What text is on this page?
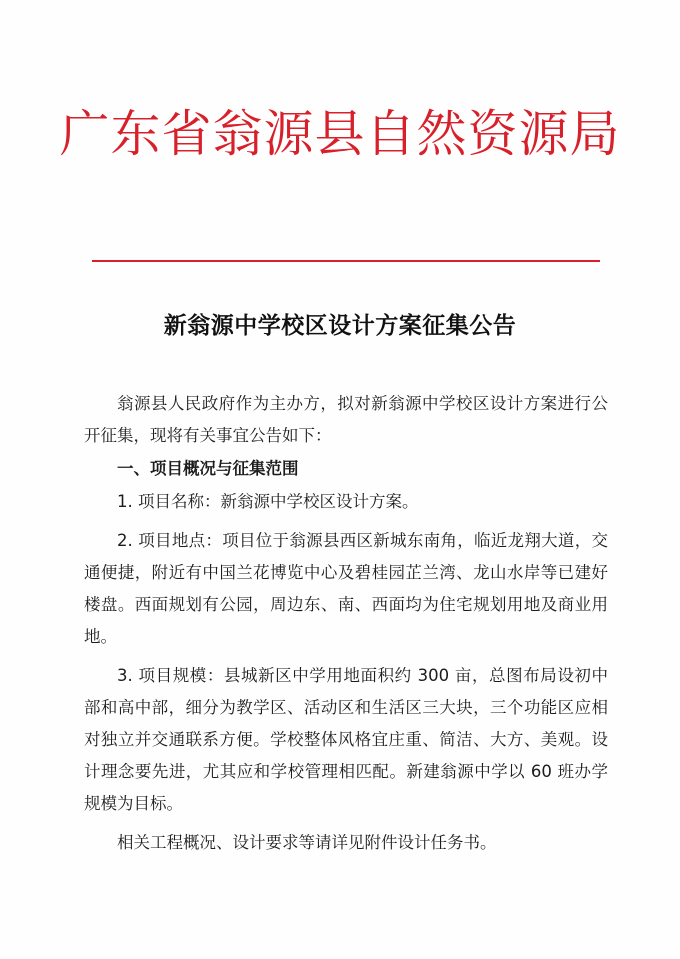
广东省翁源县自然资源局
新翁源中学校区设计方案征集公告

翁源县人民政府作为主办方，拟对新翁源中学校区设计方案进行公开征集，现将有关事宜公告如下：

一、项目概况与征集范围

1. 项目名称：新翁源中学校区设计方案。

2. 项目地点：项目位于翁源县西区新城东南角，临近龙翔大道，交通便捷，附近有中国兰花博览中心及碧桂园芷兰湾、龙山水岸等已建好楼盘。西面规划有公园，周边东、南、西面均为住宅规划用地及商业用地。

3. 项目规模：县城新区中学用地面积约 300 亩，总图布局设初中部和高中部，细分为教学区、活动区和生活区三大块，三个功能区应相对独立并交通联系方便。学校整体风格宜庄重、简洁、大方、美观。设计理念要先进，尤其应和学校管理相匹配。新建翁源中学以 60 班办学规模为目标。

相关工程概况、设计要求等请详见附件设计任务书。
